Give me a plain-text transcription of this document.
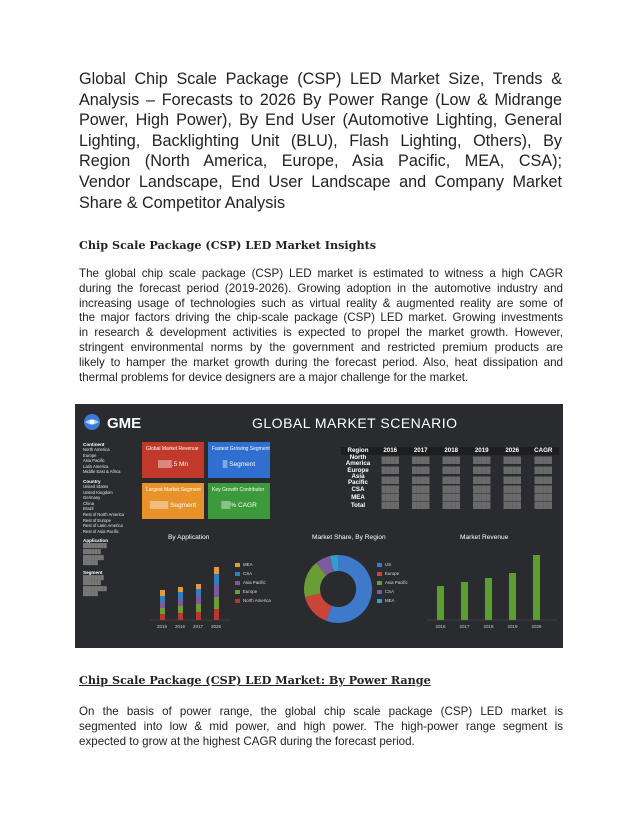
Global Chip Scale Package (CSP) LED Market Size, Trends &
Analysis – Forecasts to 2026 By Power Range (Low & Midrange
Power, High Power), By End User (Automotive Lighting, General
Lighting, Backlighting Unit (BLU), Flash Lighting, Others), By
Region (North America, Europe, Asia Pacific, MEA, CSA);
Vendor Landscape, End User Landscape and Company Market
Share & Competitor Analysis
Chip Scale Package (CSP) LED Market Insights
The global chip scale package (CSP) LED market is estimated to witness a high CAGR
during the forecast period (2019-2026). Growing adoption in the automotive industry and
increasing usage of technologies such as virtual reality & augmented reality are some of
the major factors driving the chip-scale package (CSP) LED market. Growing investments
in research & development activities is expected to propel the market growth. However,
stringent environmental norms by the government and restricted premium products are
likely to hamper the market growth during the forecast period. Also, heat dissipation and
thermal problems for device designers are a major challenge for the market.
GME	GLOBAL MARKET SCENARIO
Continent
North America
Europe
Asia Pacific
Latin America
Middle East & Africa
Country
United States
United Kingdom
Germany
China
Brazil
Rest of North America
Rest of Europe
Rest of Latin America
Rest of Asia Pacific
Application
████████
██████
███████
█████
Segment
███████
██████
████████
█████
Global Market Revenue
███.5 Mn
Fastest Growing Segment
█ Segment
Largest Market Segment
████ Segment
Key Growth Contributor
██% CAGR
Region	2016	2017	2018	2019	2026	CAGR
North America	████	████	████	████	████	████
Europe	████	████	████	████	████	████
Asia Pacific	████	████	████	████	████	████
CSA	████	████	████	████	████	████
MEA	████	████	████	████	████	████
Total	████	████	████	████	████	████
By Application	Market Share, By Region	Market Revenue
2015 2016 2017 2026
MEA
CSA
Asia Pacific
Europe
North America
US
Europe
Asia Pacific
CSA
MEA
2016	2017	2018	2019	2026
Chip Scale Package (CSP) LED Market: By Power Range
On the basis of power range, the global chip scale package (CSP) LED market is
segmented into low & mid power, and high power. The high-power range segment is
expected to grow at the highest CAGR during the forecast period.
